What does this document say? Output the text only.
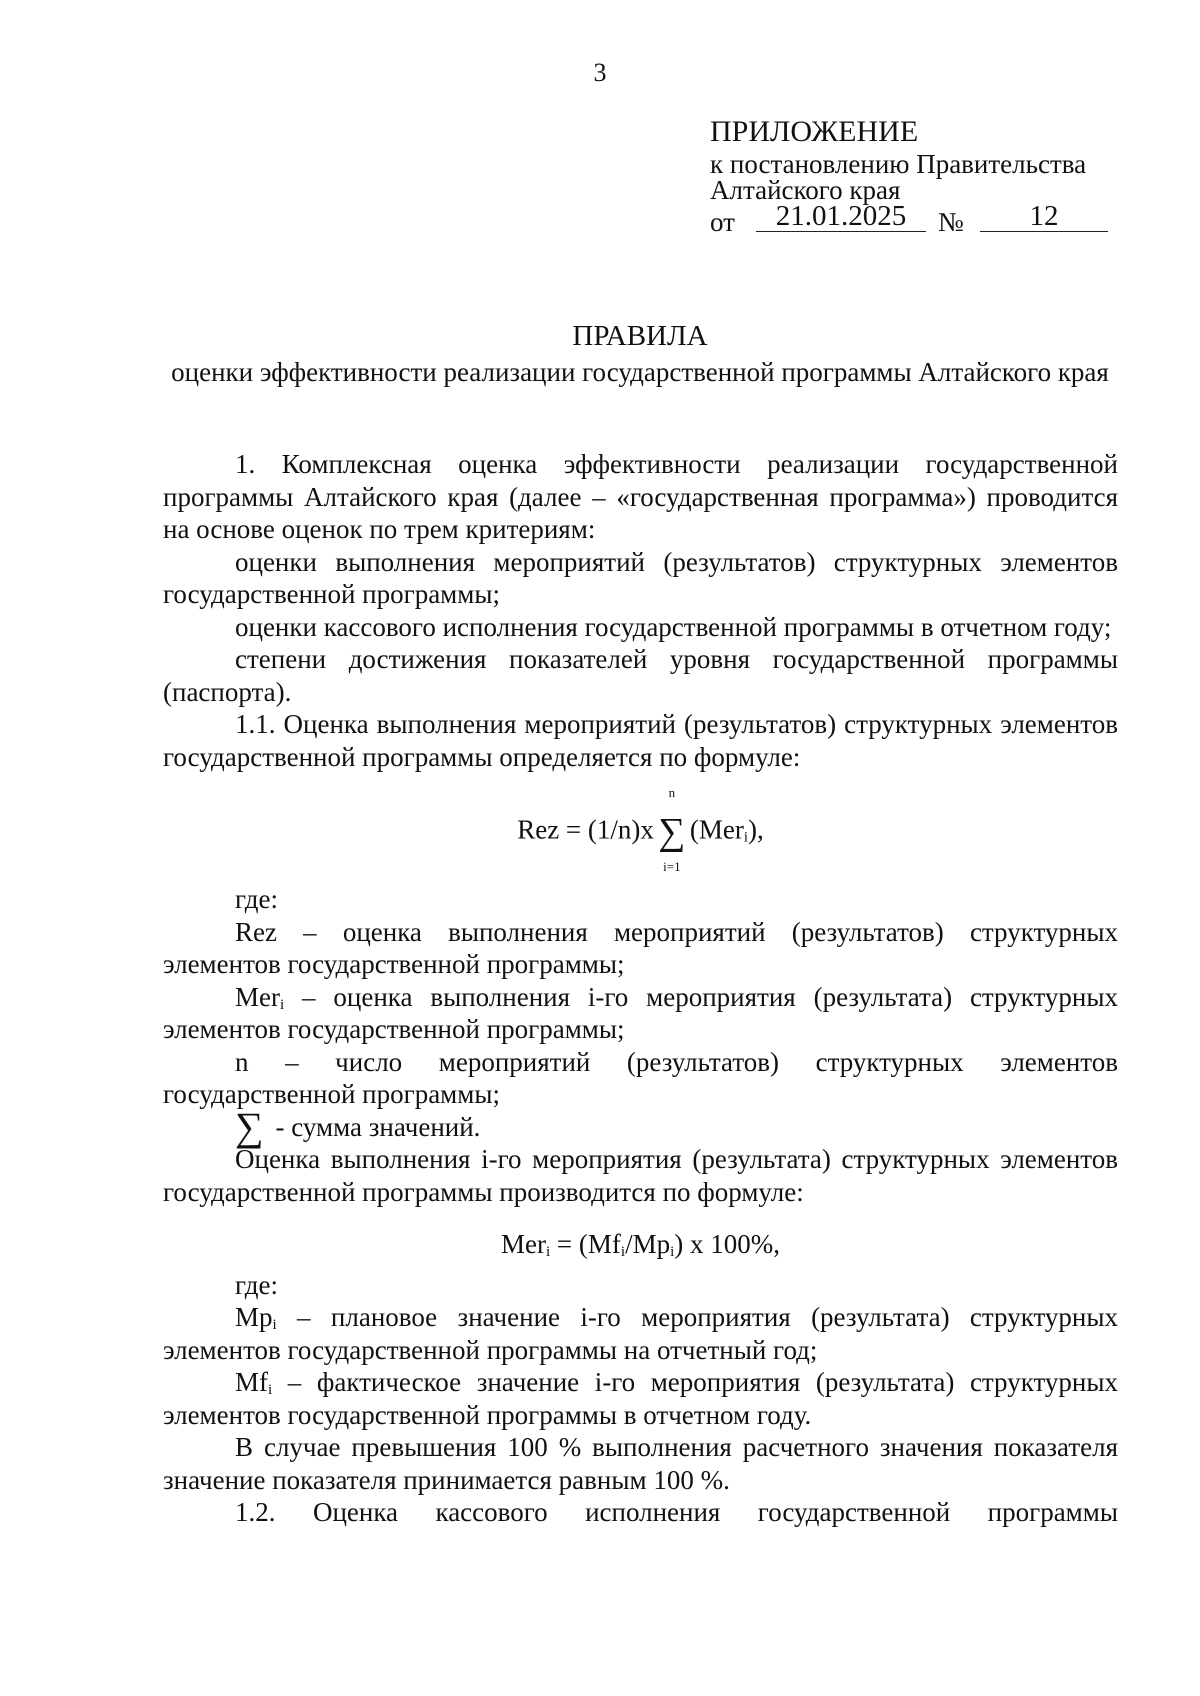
3
ПРИЛОЖЕНИЕ
к постановлению Правительства
Алтайского края
от	21.01.2025	№	12
ПРАВИЛА
оценки эффективности реализации государственной программы Алтайского края

1. Комплексная оценка эффективности реализации государственной программы Алтайского края (далее – «государственная программа») проводится на основе оценок по трем критериям:

оценки выполнения мероприятий (результатов) структурных элементов государственной программы;

оценки кассового исполнения государственной программы в отчетном году;

степени достижения показателей уровня государственной программы (паспорта).

1.1. Оценка выполнения мероприятий (результатов) структурных элементов государственной программы определяется по формуле:

Rez = (1/n)x
n
∑
i=1
(Mer$_i$),

где:

Rez – оценка выполнения мероприятий (результатов) структурных элементов государственной программы;

Mer$_i$ – оценка выполнения i-го мероприятия (результата) структурных элементов государственной программы;

n – число мероприятий (результатов) структурных элементов государственной программы;

∑ - сумма значений.

Оценка выполнения i-го мероприятия (результата) структурных элементов государственной программы производится по формуле:

$Mer_i = (Mf_i/Mp_i)$ x 100%,

где:

$Mp_i$ – плановое значение i-го мероприятия (результата) структурных элементов государственной программы на отчетный год;

$Mf_i$ – фактическое значение i-го мероприятия (результата) структурных элементов государственной программы в отчетном году.

В случае превышения 100 % выполнения расчетного значения показателя значение показателя принимается равным 100 %.

1.2. Оценка кассового исполнения государственной программы
